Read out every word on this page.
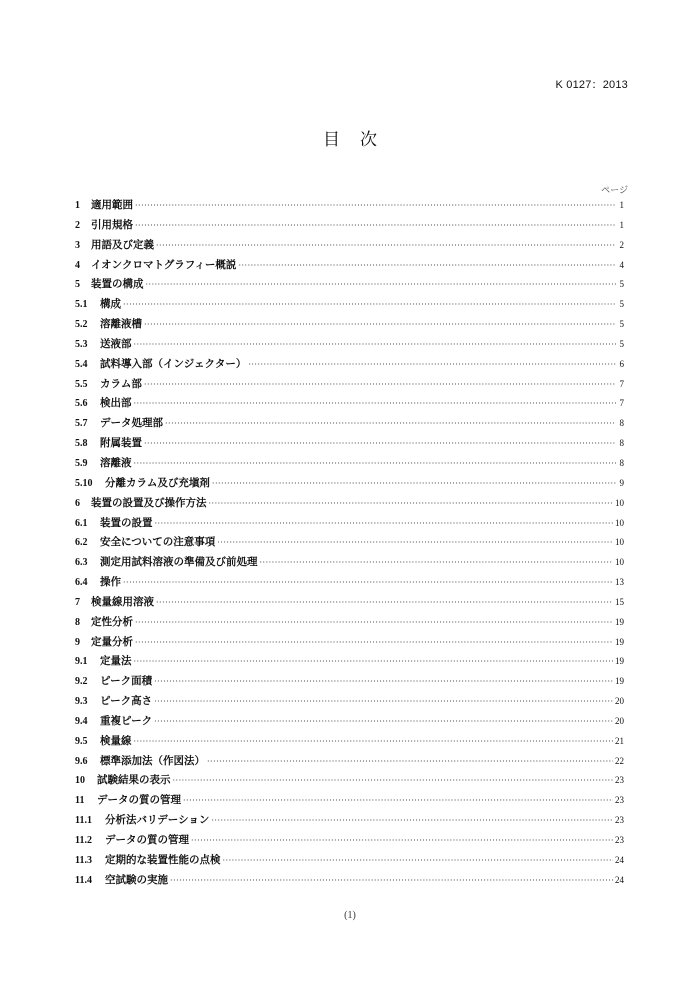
K 0127：2013
目 次
ページ
1	適用範囲 ·····	1
2	引用規格 ·····	1
3	用語及び定義 ·····	2
4	イオンクロマトグラフィー概説 ·····	4
5	装置の構成 ·····	5
5.1	構成 ·····	5
5.2	溶離液槽 ·····	5
5.3	送液部 ·····	5
5.4	試料導入部（インジェクター） ·····	6
5.5	カラム部 ·····	7
5.6	検出部 ·····	7
5.7	データ処理部 ·····	8
5.8	附属装置 ·····	8
5.9	溶離液 ·····	8
5.10	分離カラム及び充塡剤 ·····	9
6	装置の設置及び操作方法 ·····	10
6.1	装置の設置 ·····	10
6.2	安全についての注意事項 ·····	10
6.3	測定用試料溶液の準備及び前処理 ·····	10
6.4	操作 ·····	13
7	検量線用溶液 ·····	15
8	定性分析 ·····	19
9	定量分析 ·····	19
9.1	定量法 ·····	19
9.2	ピーク面積 ·····	19
9.3	ピーク高さ ·····	20
9.4	重複ピーク ·····	20
9.5	検量線 ·····	21
9.6	標準添加法（作図法） ·····	22
10	試験結果の表示 ·····	23
11	データの質の管理 ·····	23
11.1	分析法バリデーション ·····	23
11.2	データの質の管理 ·····	23
11.3	定期的な装置性能の点検 ·····	24
11.4	空試験の実施 ·····	24
(1)
